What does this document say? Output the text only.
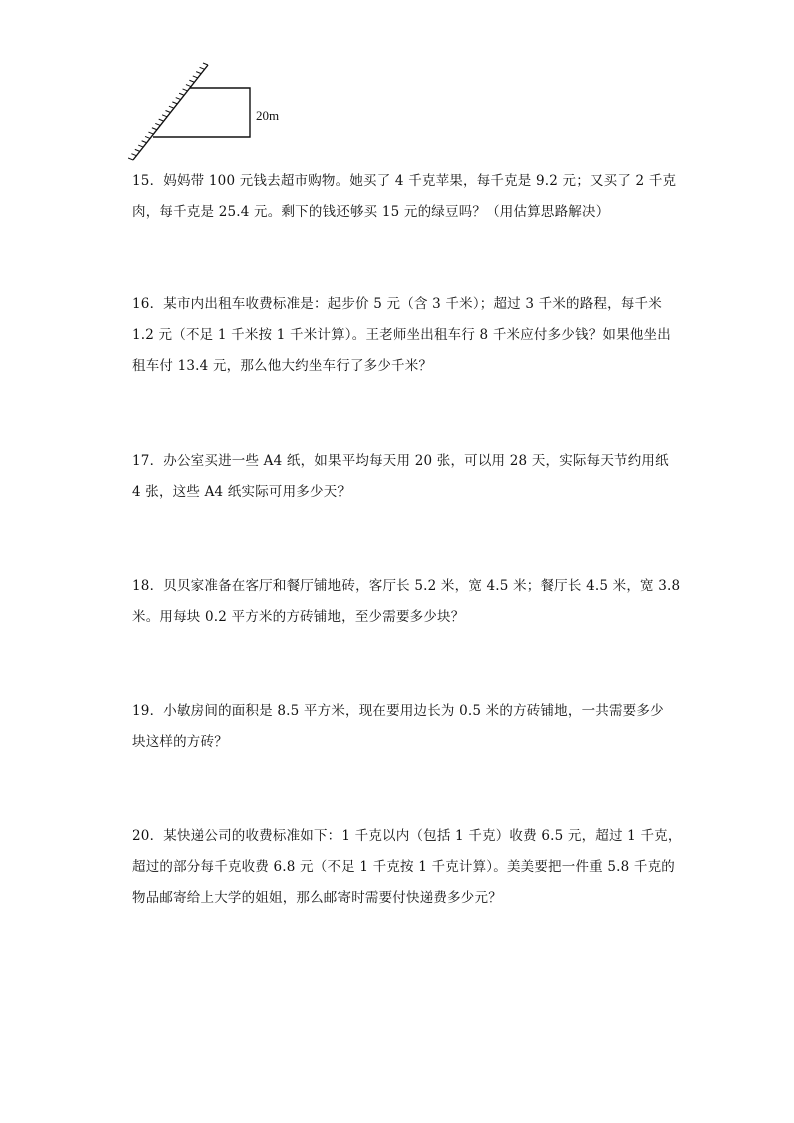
20m
15．妈妈带 100 元钱去超市购物。她买了 4 千克苹果，每千克是 9.2 元；又买了 2 千克
肉，每千克是 25.4 元。剩下的钱还够买 15 元的绿豆吗？（用估算思路解决）
16．某市内出租车收费标准是：起步价 5 元（含 3 千米）；超过 3 千米的路程，每千米
1.2 元（不足 1 千米按 1 千米计算）。王老师坐出租车行 8 千米应付多少钱？如果他坐出
租车付 13.4 元，那么他大约坐车行了多少千米？
17．办公室买进一些 A4 纸，如果平均每天用 20 张，可以用 28 天，实际每天节约用纸
4 张，这些 A4 纸实际可用多少天？
18．贝贝家准备在客厅和餐厅铺地砖，客厅长 5.2 米，宽 4.5 米；餐厅长 4.5 米，宽 3.8
米。用每块 0.2 平方米的方砖铺地，至少需要多少块？
19．小敏房间的面积是 8.5 平方米，现在要用边长为 0.5 米的方砖铺地，一共需要多少
块这样的方砖？
20．某快递公司的收费标准如下：1 千克以内（包括 1 千克）收费 6.5 元，超过 1 千克，
超过的部分每千克收费 6.8 元（不足 1 千克按 1 千克计算）。美美要把一件重 5.8 千克的
物品邮寄给上大学的姐姐，那么邮寄时需要付快递费多少元？
